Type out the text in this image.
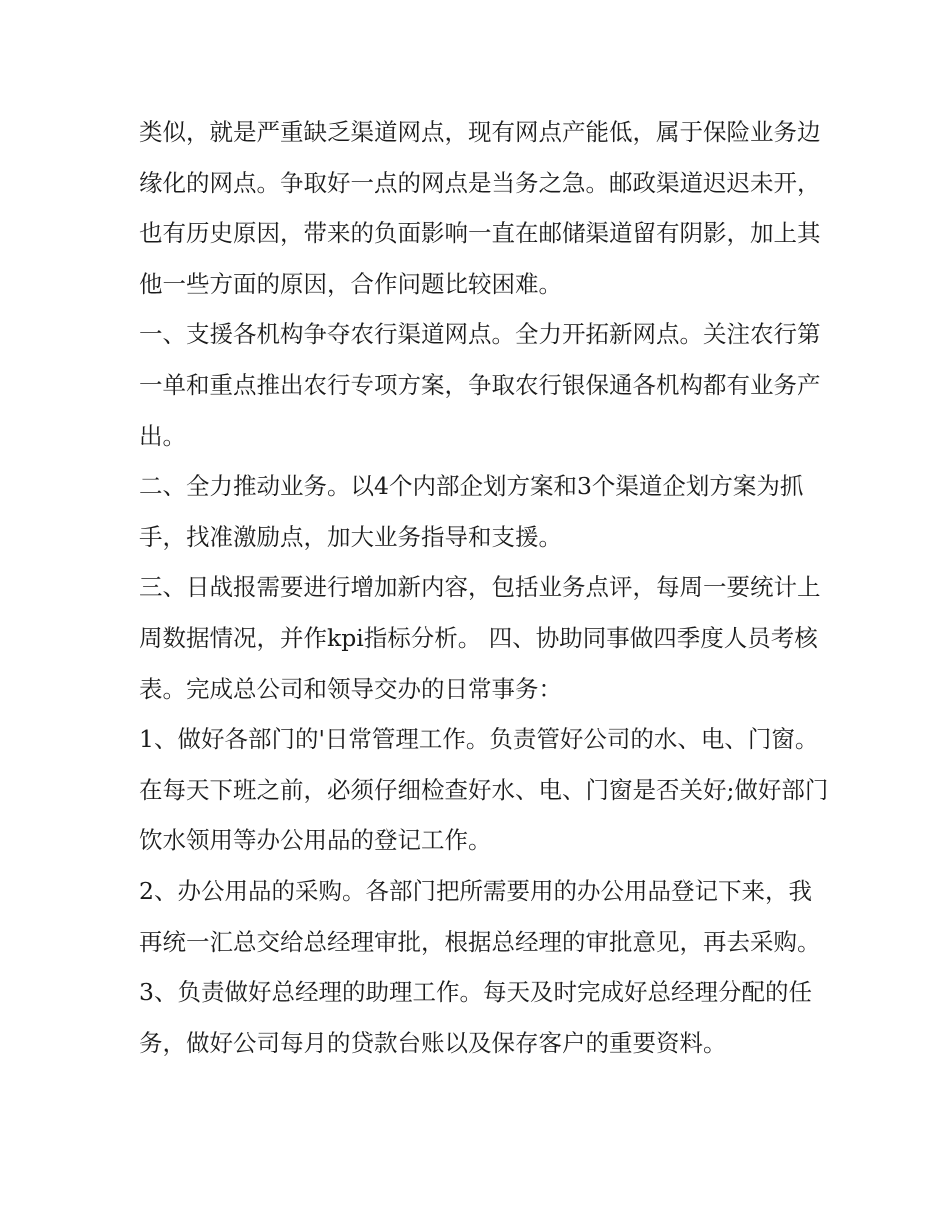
类似，就是严重缺乏渠道网点，现有网点产能低，属于保险业务边缘化的网点。争取好一点的网点是当务之急。邮政渠道迟迟未开，也有历史原因，带来的负面影响一直在邮储渠道留有阴影，加上其他一些方面的原因，合作问题比较困难。

一、支援各机构争夺农行渠道网点。全力开拓新网点。关注农行第一单和重点推出农行专项方案，争取农行银保通各机构都有业务产出。

二、全力推动业务。以4个内部企划方案和3个渠道企划方案为抓手，找准激励点，加大业务指导和支援。

三、日战报需要进行增加新内容，包括业务点评，每周一要统计上周数据情况，并作kpi指标分析。 四、协助同事做四季度人员考核表。完成总公司和领导交办的日常事务：

1、做好各部门的'日常管理工作。负责管好公司的水、电、门窗。在每天下班之前，必须仔细检查好水、电、门窗是否关好;做好部门饮水领用等办公用品的登记工作。

2、办公用品的采购。各部门把所需要用的办公用品登记下来，我再统一汇总交给总经理审批，根据总经理的审批意见，再去采购。

3、负责做好总经理的助理工作。每天及时完成好总经理分配的任务，做好公司每月的贷款台账以及保存客户的重要资料。
